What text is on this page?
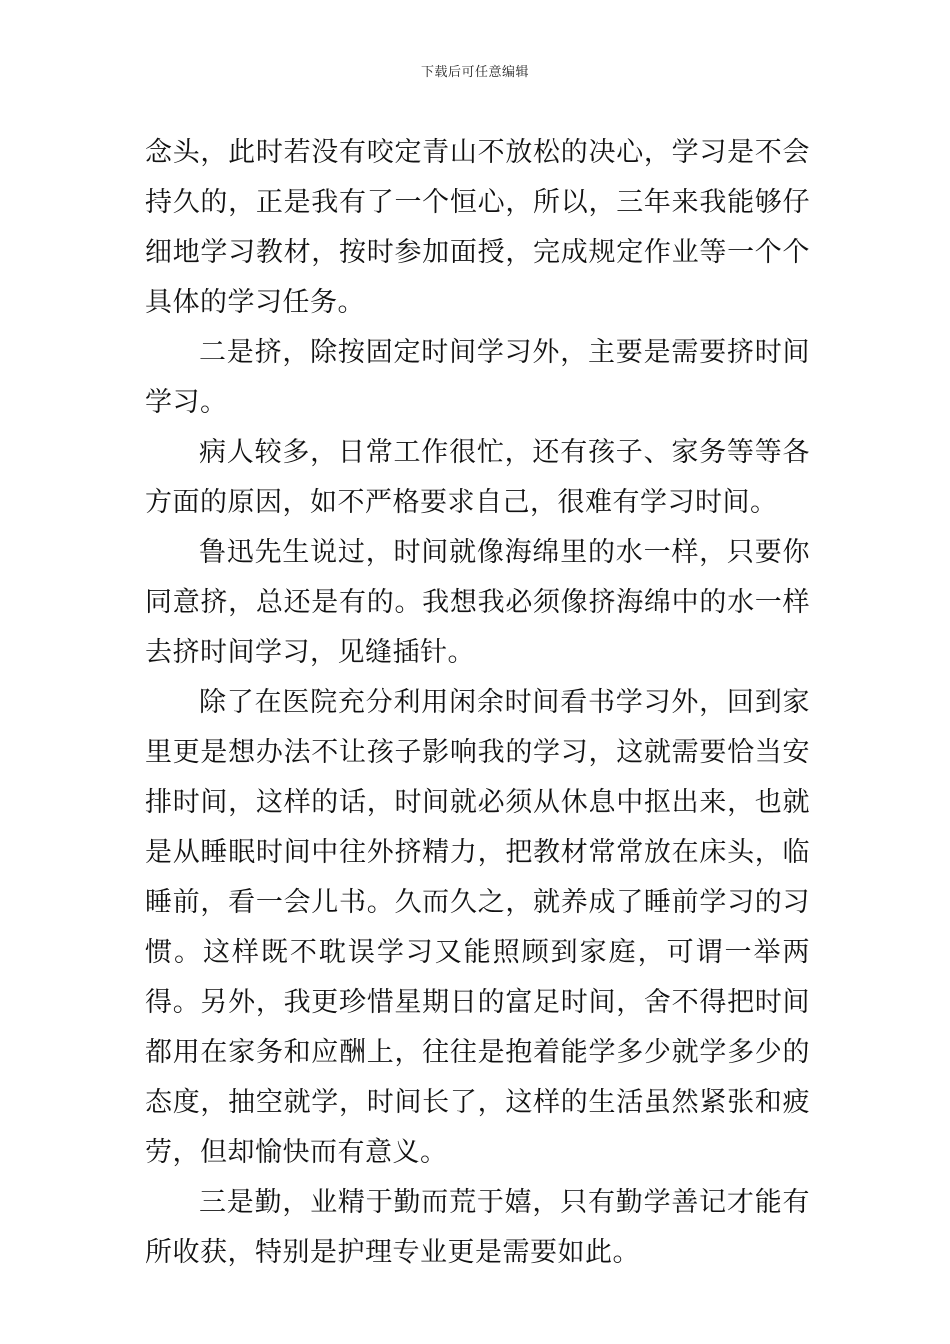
下载后可任意编辑

念头，此时若没有咬定青山不放松的决心，学习是不会持久的，正是我有了一个恒心，所以，三年来我能够仔细地学习教材，按时参加面授，完成规定作业等一个个具体的学习任务。

二是挤，除按固定时间学习外，主要是需要挤时间学习。

病人较多，日常工作很忙，还有孩子、家务等等各方面的原因，如不严格要求自己，很难有学习时间。

鲁迅先生说过，时间就像海绵里的水一样，只要你同意挤，总还是有的。我想我必须像挤海绵中的水一样去挤时间学习，见缝插针。

除了在医院充分利用闲余时间看书学习外，回到家里更是想办法不让孩子影响我的学习，这就需要恰当安排时间，这样的话，时间就必须从休息中抠出来，也就是从睡眠时间中往外挤精力，把教材常常放在床头，临睡前，看一会儿书。久而久之，就养成了睡前学习的习惯。这样既不耽误学习又能照顾到家庭，可谓一举两得。另外，我更珍惜星期日的富足时间，舍不得把时间都用在家务和应酬上，往往是抱着能学多少就学多少的态度，抽空就学，时间长了，这样的生活虽然紧张和疲劳，但却愉快而有意义。

三是勤，业精于勤而荒于嬉，只有勤学善记才能有所收获，特别是护理专业更是需要如此。
